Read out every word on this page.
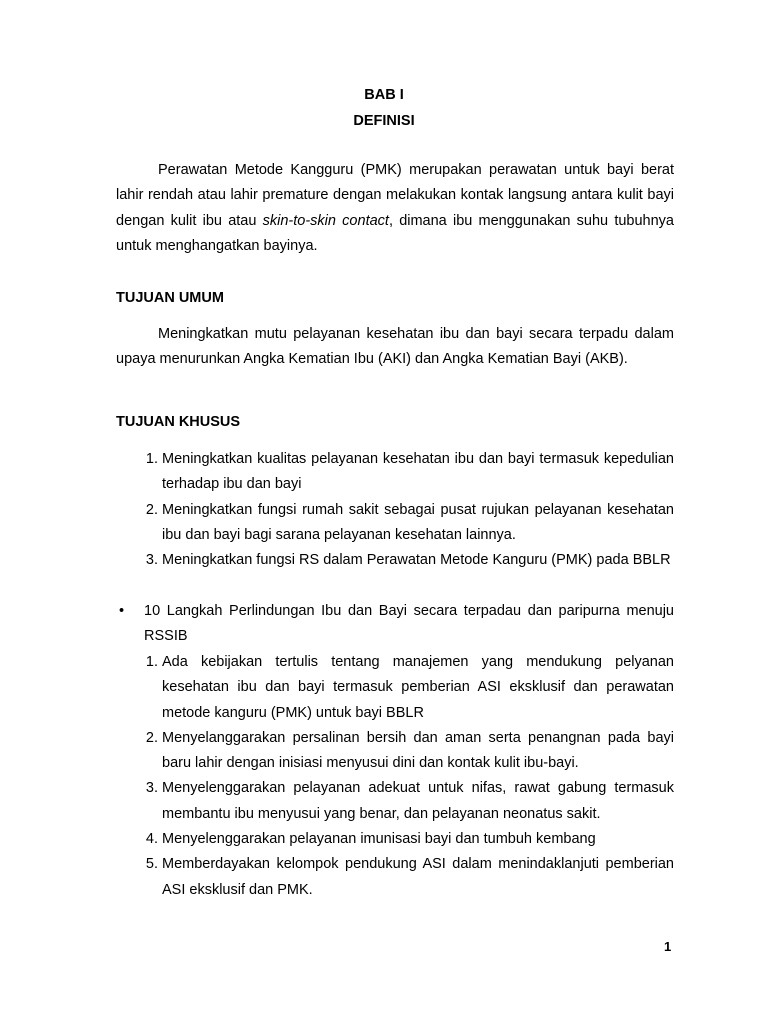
BAB I
DEFINISI

Perawatan Metode Kangguru (PMK) merupakan perawatan untuk bayi berat lahir rendah atau lahir premature dengan melakukan kontak langsung antara kulit bayi dengan kulit ibu atau skin-to-skin contact, dimana ibu menggunakan suhu tubuhnya untuk menghangatkan bayinya.

TUJUAN UMUM

Meningkatkan mutu pelayanan kesehatan ibu dan bayi secara terpadu dalam upaya menurunkan Angka Kematian Ibu (AKI) dan Angka Kematian Bayi (AKB).

TUJUAN KHUSUS
1. Meningkatkan kualitas pelayanan kesehatan ibu dan bayi termasuk kepedulian terhadap ibu dan bayi
2. Meningkatkan fungsi rumah sakit sebagai pusat rujukan pelayanan kesehatan ibu dan bayi bagi sarana pelayanan kesehatan lainnya.
3. Meningkatkan fungsi RS dalam Perawatan Metode Kanguru (PMK) pada BBLR
•	10 Langkah Perlindungan Ibu dan Bayi secara terpadau dan paripurna menuju RSSIB
1. Ada kebijakan tertulis tentang manajemen yang mendukung pelyanan kesehatan ibu dan bayi termasuk pemberian ASI eksklusif dan perawatan metode kanguru (PMK) untuk bayi BBLR
2. Menyelanggarakan persalinan bersih dan aman serta penangnan pada bayi baru lahir dengan inisiasi menyusui dini dan kontak kulit ibu-bayi.
3. Menyelenggarakan pelayanan adekuat untuk nifas, rawat gabung termasuk membantu ibu menyusui yang benar, dan pelayanan neonatus sakit.
4. Menyelenggarakan pelayanan imunisasi bayi dan tumbuh kembang
5. Memberdayakan kelompok pendukung ASI dalam menindaklanjuti pemberian ASI eksklusif dan PMK.
1
